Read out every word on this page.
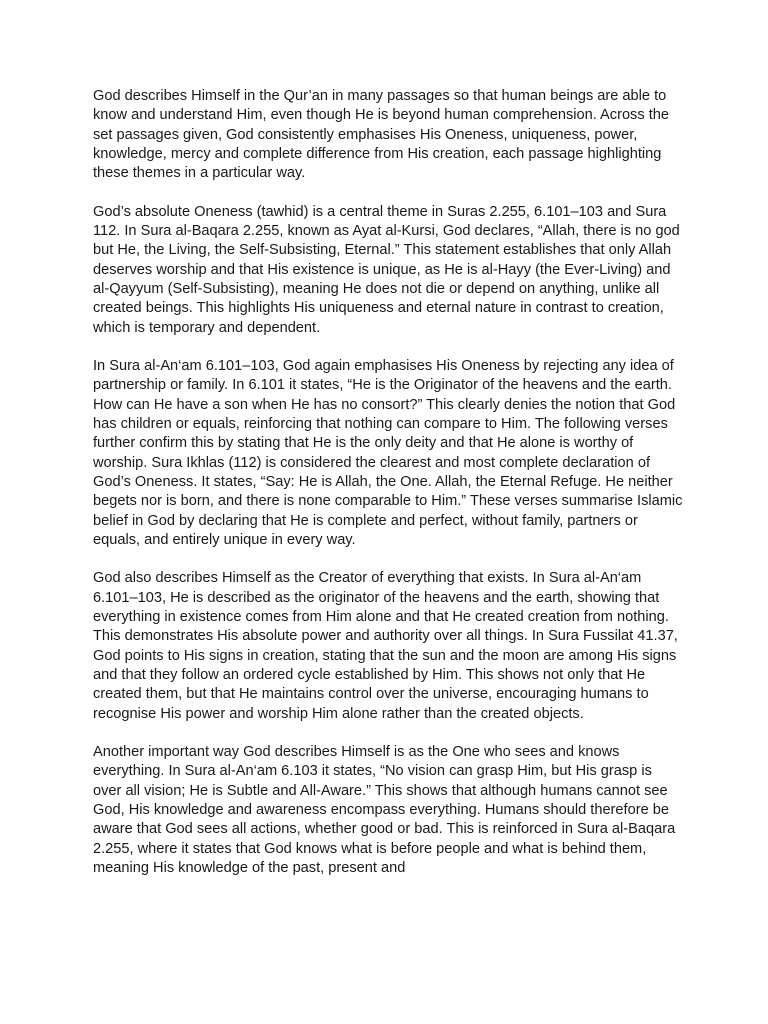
God describes Himself in the Qur’an in many passages so that human beings are able to know and understand Him, even though He is beyond human comprehension. Across the set passages given, God consistently emphasises His Oneness, uniqueness, power, knowledge, mercy and complete difference from His creation, each passage highlighting these themes in a particular way.

God’s absolute Oneness (tawhid) is a central theme in Suras 2.255, 6.101–103 and Sura 112. In Sura al-Baqara 2.255, known as Ayat al-Kursi, God declares, “Allah, there is no god but He, the Living, the Self-Subsisting, Eternal.” This statement establishes that only Allah deserves worship and that His existence is unique, as He is al-Hayy (the Ever-Living) and al-Qayyum (Self-Subsisting), meaning He does not die or depend on anything, unlike all created beings. This highlights His uniqueness and eternal nature in contrast to creation, which is temporary and dependent.

In Sura al-An‘am 6.101–103, God again emphasises His Oneness by rejecting any idea of partnership or family. In 6.101 it states, “He is the Originator of the heavens and the earth. How can He have a son when He has no consort?” This clearly denies the notion that God has children or equals, reinforcing that nothing can compare to Him. The following verses further confirm this by stating that He is the only deity and that He alone is worthy of worship. Sura Ikhlas (112) is considered the clearest and most complete declaration of God’s Oneness. It states, “Say: He is Allah, the One. Allah, the Eternal Refuge. He neither begets nor is born, and there is none comparable to Him.” These verses summarise Islamic belief in God by declaring that He is complete and perfect, without family, partners or equals, and entirely unique in every way.

God also describes Himself as the Creator of everything that exists. In Sura al-An‘am 6.101–103, He is described as the originator of the heavens and the earth, showing that everything in existence comes from Him alone and that He created creation from nothing. This demonstrates His absolute power and authority over all things. In Sura Fussilat 41.37, God points to His signs in creation, stating that the sun and the moon are among His signs and that they follow an ordered cycle established by Him. This shows not only that He created them, but that He maintains control over the universe, encouraging humans to recognise His power and worship Him alone rather than the created objects.

Another important way God describes Himself is as the One who sees and knows everything. In Sura al-An‘am 6.103 it states, “No vision can grasp Him, but His grasp is over all vision; He is Subtle and All-Aware.” This shows that although humans cannot see God, His knowledge and awareness encompass everything. Humans should therefore be aware that God sees all actions, whether good or bad. This is reinforced in Sura al-Baqara 2.255, where it states that God knows what is before people and what is behind them, meaning His knowledge of the past, present and
